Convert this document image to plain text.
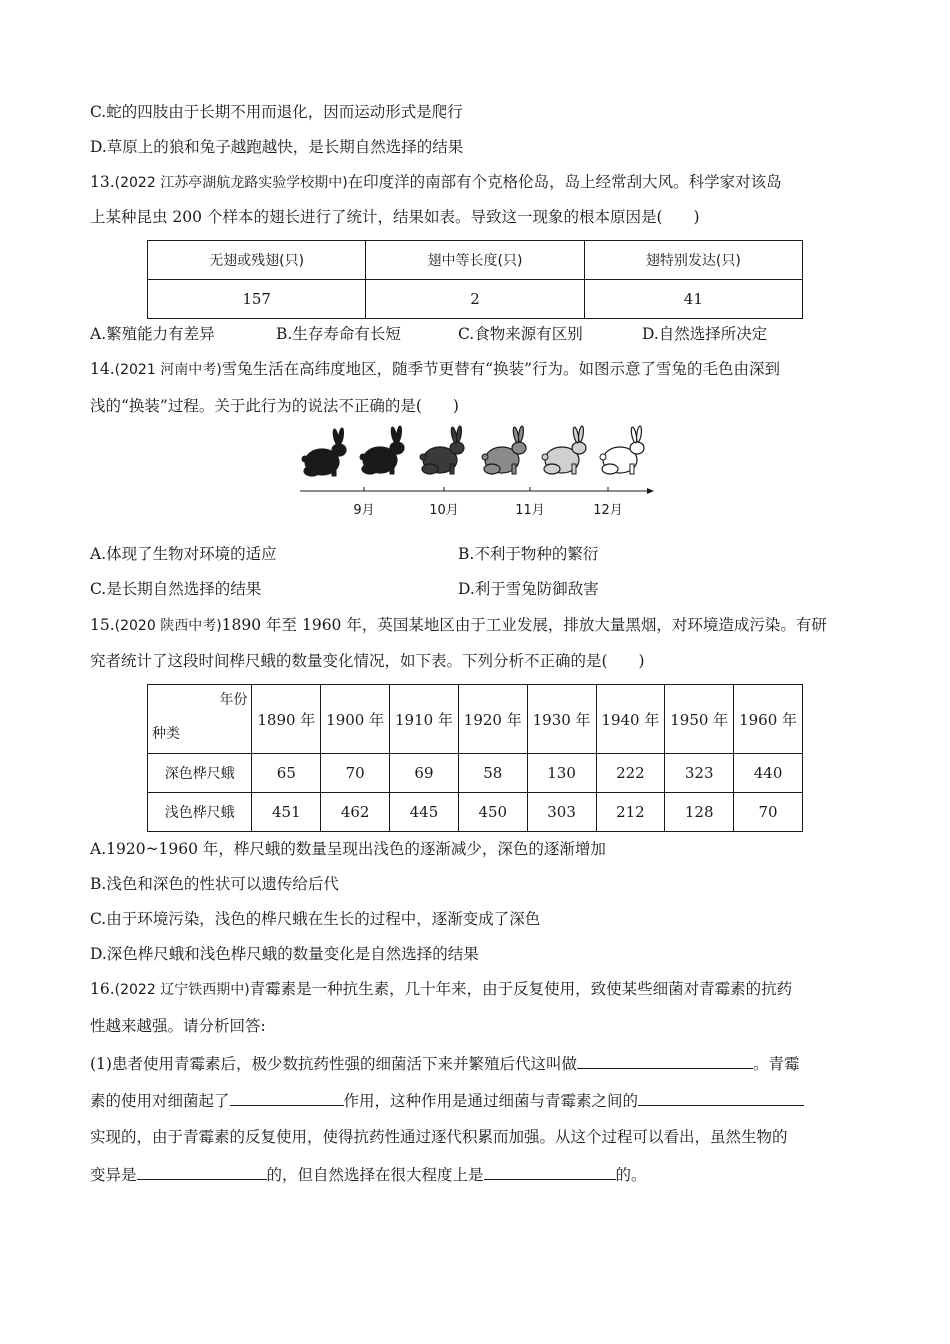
C.蛇的四肢由于长期不用而退化，因而运动形式是爬行
D.草原上的狼和兔子越跑越快，是长期自然选择的结果
13.(2022 江苏亭湖航龙路实验学校期中)在印度洋的南部有个克格伦岛，岛上经常刮大风。科学家对该岛
上某种昆虫 200 个样本的翅长进行了统计，结果如表。导致这一现象的根本原因是(　　)
无翅或残翅(只)	翅中等长度(只)	翅特别发达(只)
157	2	41
A.繁殖能力有差异	B.生存寿命有长短	C.食物来源有区别	D.自然选择所决定
14.(2021 河南中考)雪兔生活在高纬度地区，随季节更替有“换装”行为。如图示意了雪兔的毛色由深到
浅的“换装”过程。关于此行为的说法不正确的是(　　)
9月	10月	11月	12月
A.体现了生物对环境的适应	B.不利于物种的繁衍
C.是长期自然选择的结果	D.利于雪兔防御敌害
15.(2020 陕西中考)1890 年至 1960 年，英国某地区由于工业发展，排放大量黑烟，对环境造成污染。有研
究者统计了这段时间桦尺蛾的数量变化情况，如下表。下列分析不正确的是(　　)
年份
种类	1890 年	1900 年	1910 年	1920 年	1930 年	1940 年	1950 年	1960 年
深色桦尺蛾	65	70	69	58	130	222	323	440
浅色桦尺蛾	451	462	445	450	303	212	128	70
A.1920~1960 年，桦尺蛾的数量呈现出浅色的逐渐减少，深色的逐渐增加
B.浅色和深色的性状可以遗传给后代
C.由于环境污染，浅色的桦尺蛾在生长的过程中，逐渐变成了深色
D.深色桦尺蛾和浅色桦尺蛾的数量变化是自然选择的结果
16.(2022 辽宁铁西期中)青霉素是一种抗生素，几十年来，由于反复使用，致使某些细菌对青霉素的抗药
性越来越强。请分析回答:
(1)患者使用青霉素后，极少数抗药性强的细菌活下来并繁殖后代这叫做	。青霉
素的使用对细菌起了	作用，这种作用是通过细菌与青霉素之间的
实现的，由于青霉素的反复使用，使得抗药性通过逐代积累而加强。从这个过程可以看出，虽然生物的
变异是	的，但自然选择在很大程度上是	的。
